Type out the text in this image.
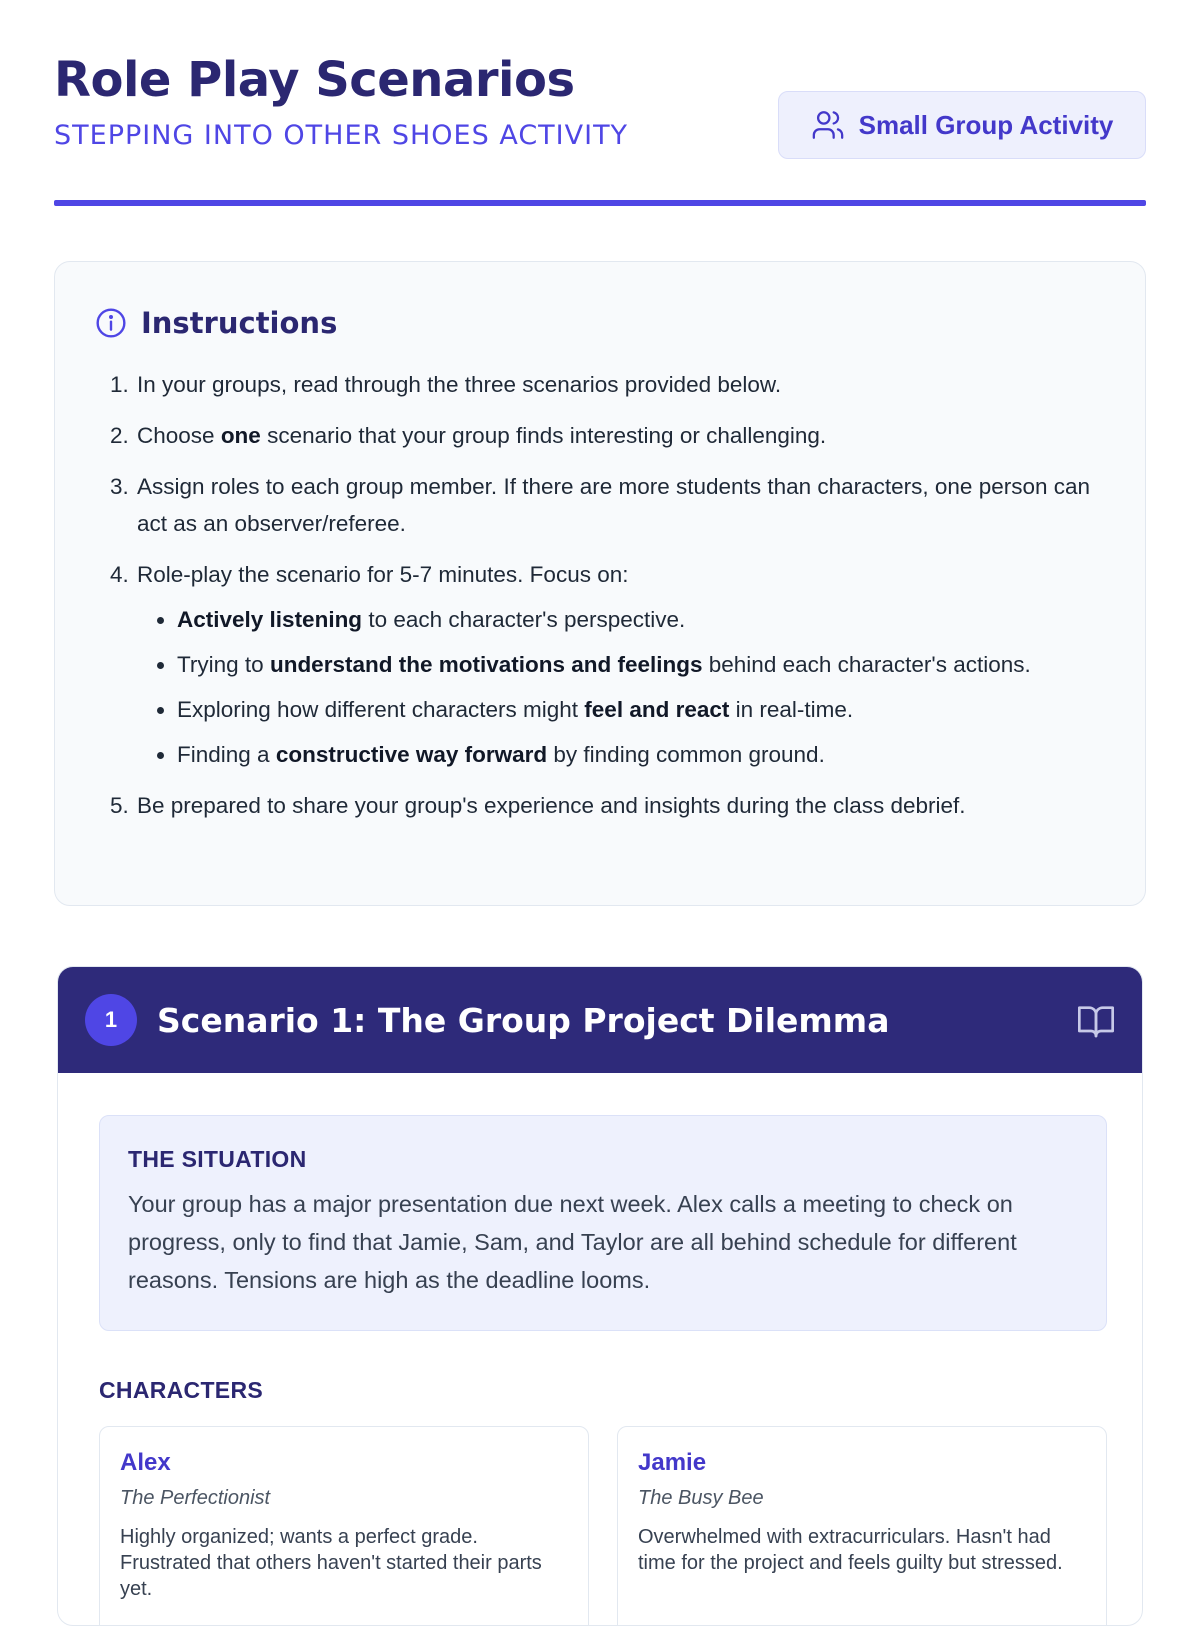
Role Play Scenarios

STEPPING INTO OTHER SHOES ACTIVITY	Small Group Activity
Instructions
1. In your groups, read through the three scenarios provided below.
2. Choose one scenario that your group finds interesting or challenging.
3. Assign roles to each group member. If there are more students than characters, one person can act as an observer/referee.
4. Role-play the scenario for 5-7 minutes. Focus on:
• Actively listening to each character's perspective.
• Trying to understand the motivations and feelings behind each character's actions.
• Exploring how different characters might feel and react in real-time.
• Finding a constructive way forward by finding common ground.
5. Be prepared to share your group's experience and insights during the class debrief.
1	Scenario 1: The Group Project Dilemma

THE SITUATION

Your group has a major presentation due next week. Alex calls a meeting to check on progress, only to find that Jamie, Sam, and Taylor are all behind schedule for different reasons. Tensions are high as the deadline looms.

CHARACTERS

Alex

The Perfectionist

Highly organized; wants a perfect grade. Frustrated that others haven't started their parts yet.

Jamie

The Busy Bee

Overwhelmed with extracurriculars. Hasn't had time for the project and feels guilty but stressed.
